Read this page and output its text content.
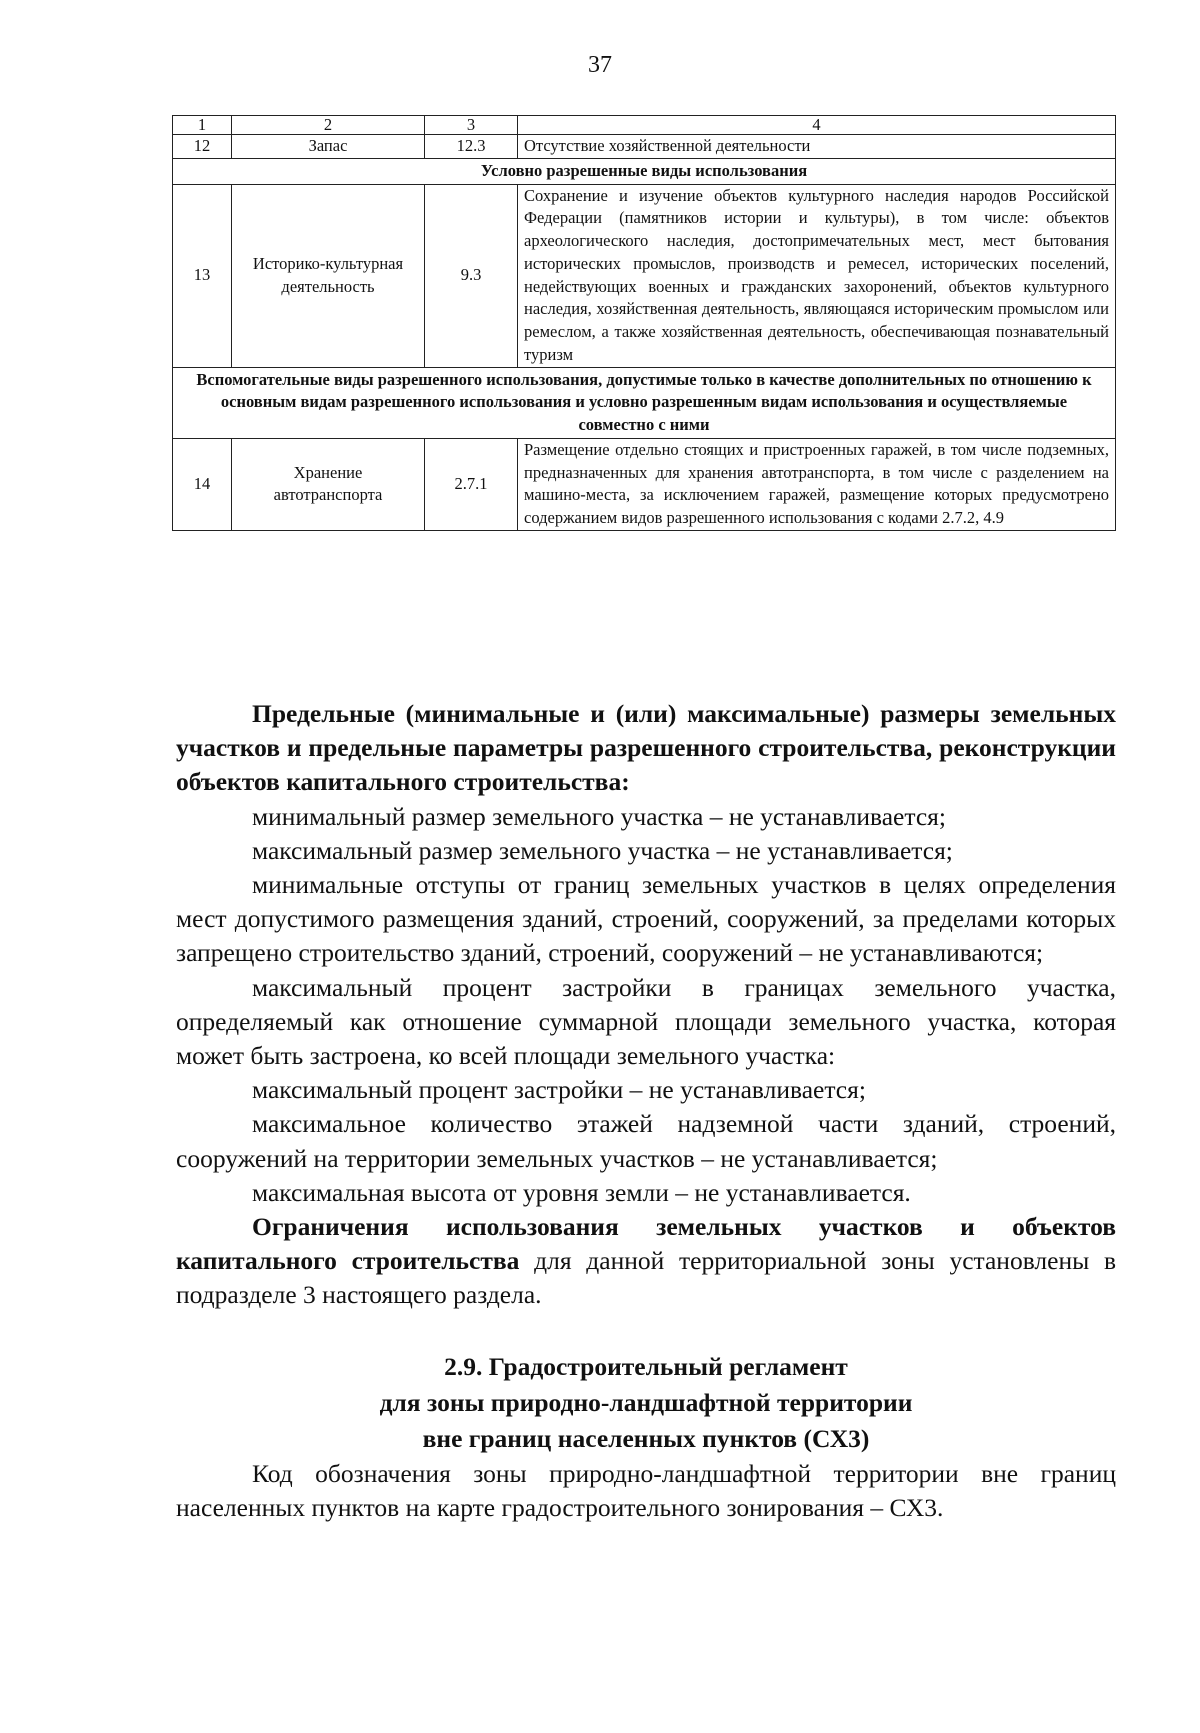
37
1	2	3	4
12	Запас	12.3	Отсутствие хозяйственной деятельности
Условно разрешенные виды использования			
13	Историко-культурная деятельность	9.3	Сохранение и изучение объектов культурного наследия народов Российской Федерации (памятников истории и культуры), в том числе: объектов археологического наследия, достопримечательных мест, мест бытования исторических промыслов, производств и ремесел, исторических поселений, недействующих военных и гражданских захоронений, объектов культурного наследия, хозяйственная деятельность, являющаяся историческим промыслом или ремеслом, а также хозяйственная деятельность, обеспечивающая познавательный туризм
Вспомогательные виды разрешенного использования, допустимые только в качестве дополнительных по отношению к основным видам разрешенного использования и условно разрешенным видам использования и осуществляемые совместно с ними			
14	Хранение автотранспорта	2.7.1	Размещение отдельно стоящих и пристроенных гаражей, в том числе подземных, предназначенных для хранения автотранспорта, в том числе с разделением на машино-места, за исключением гаражей, размещение которых предусмотрено содержанием видов разрешенного использования с кодами 2.7.2, 4.9

Предельные (минимальные и (или) максимальные) размеры земельных участков и предельные параметры разрешенного строительства, реконструкции объектов капитального строительства:

минимальный размер земельного участка – не устанавливается;

максимальный размер земельного участка – не устанавливается;

минимальные отступы от границ земельных участков в целях определения мест допустимого размещения зданий, строений, сооружений, за пределами которых запрещено строительство зданий, строений, сооружений – не устанавливаются;

максимальный процент застройки в границах земельного участка, определяемый как отношение суммарной площади земельного участка, которая может быть застроена, ко всей площади земельного участка:

максимальный процент застройки – не устанавливается;

максимальное количество этажей надземной части зданий, строений, сооружений на территории земельных участков – не устанавливается;

максимальная высота от уровня земли – не устанавливается.

Ограничения использования земельных участков и объектов капитального строительства для данной территориальной зоны установлены в подразделе 3 настоящего раздела.

2.9. Градостроительный регламент
для зоны природно-ландшафтной территории
вне границ населенных пунктов (СХ3)

Код обозначения зоны природно-ландшафтной территории вне границ населенных пунктов на карте градостроительного зонирования – СХ3.
